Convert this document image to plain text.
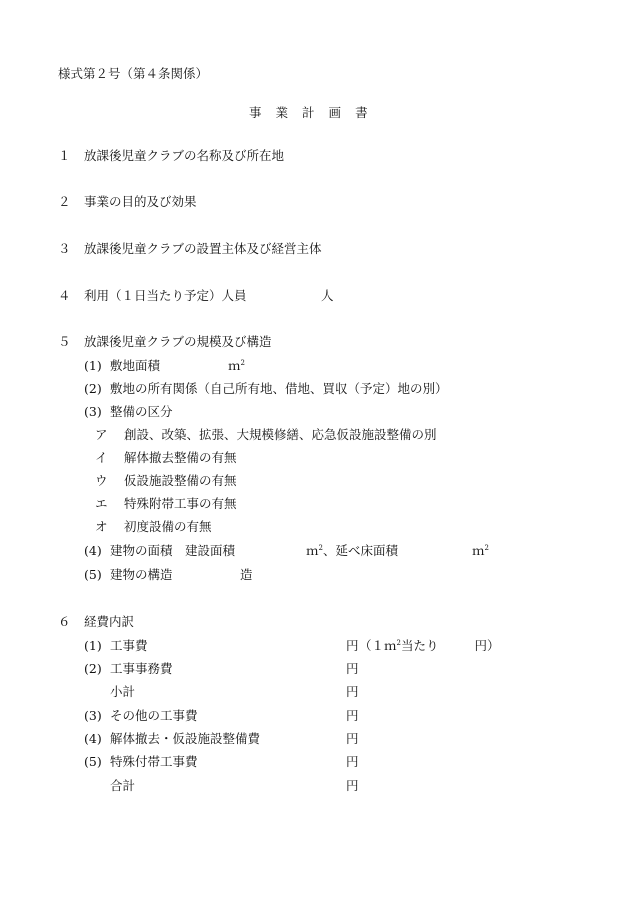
様式第２号（第４条関係）
事 業 計 画 書
１ 放課後児童クラブの名称及び所在地
２ 事業の目的及び効果
３ 放課後児童クラブの設置主体及び経営主体
４ 利用（１日当たり予定）人員	人
５ 放課後児童クラブの規模及び構造
(1) 敷地面積	ｍ$^2$
(2) 敷地の所有関係（自己所有地、借地、買収（予定）地の別）
(3) 整備の区分
ア 創設、改築、拡張、大規模修繕、応急仮設施設整備の別
イ 解体撤去整備の有無
ウ 仮設施設整備の有無
エ 特殊附帯工事の有無
オ 初度設備の有無
(4) 建物の面積　建設面積	ｍ$^2$、延べ床面積	ｍ$^2$
(5) 建物の構造	造
６ 経費内訳
(1) 工事費	円 （１ｍ$^2$当たり	円）
(2) 工事事務費	円
小計	円
(3) その他の工事費	円
(4) 解体撤去・仮設施設整備費	円
(5) 特殊付帯工事費	円
合計	円
